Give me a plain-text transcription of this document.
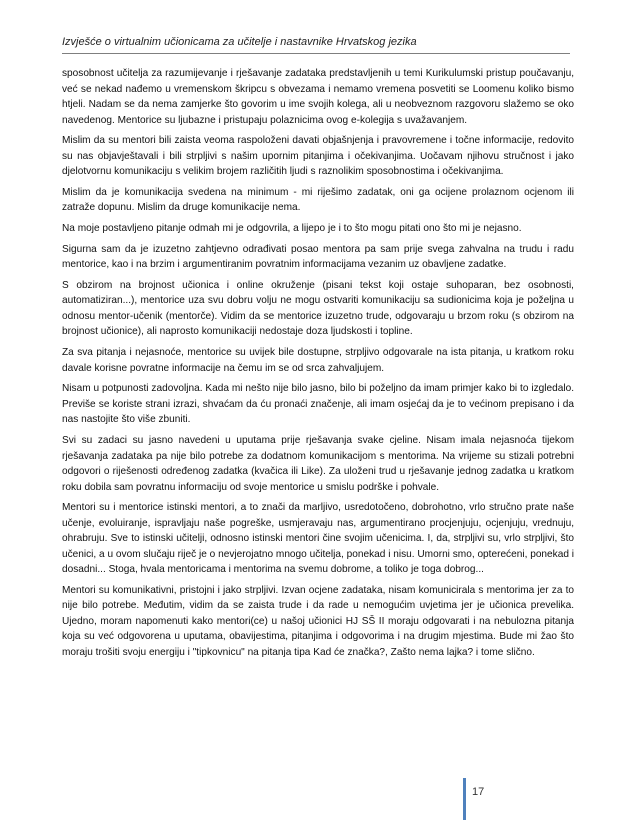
Izvješće o virtualnim učionicama za učitelje i nastavnike Hrvatskog jezika

sposobnost učitelja za razumijevanje i rješavanje zadataka predstavljenih u temi Kurikulumski pristup poučavanju, već se nekad nađemo u vremenskom škripcu s obvezama i nemamo vremena posvetiti se Loomenu koliko bismo htjeli. Nadam se da nema zamjerke što govorim u ime svojih kolega, ali u neobveznom razgovoru slažemo se oko navedenog. Mentorice su ljubazne i pristupaju polaznicima ovog e-kolegija s uvažavanjem.

Mislim da su mentori bili zaista veoma raspoloženi davati objašnjenja i pravovremene i točne informacije, redovito su nas objavještavali i bili strpljivi s našim upornim pitanjima i očekivanjima. Uočavam njihovu stručnost i jako djelotvornu komunikaciju s velikim brojem različitih ljudi s raznolikim sposobnostima i očekivanjima.

Mislim da je komunikacija svedena na minimum - mi riješimo zadatak, oni ga ocijene prolaznom ocjenom ili zatraže dopunu. Mislim da druge komunikacije nema.

Na moje postavljeno pitanje odmah mi je odgovrila, a lijepo je i to što mogu pitati ono što mi je nejasno.

Sigurna sam da je izuzetno zahtjevno odrađivati posao mentora pa sam prije svega zahvalna na trudu i radu mentorice, kao i na brzim i argumentiranim povratnim informacijama vezanim uz obavljene zadatke.

S obzirom na brojnost učionica i online okruženje (pisani tekst koji ostaje suhoparan, bez osobnosti, automatiziran...), mentorice uza svu dobru volju ne mogu ostvariti komunikaciju sa sudionicima koja je poželjna u odnosu mentor-učenik (mentorče). Vidim da se mentorice izuzetno trude, odgovaraju u brzom roku (s obzirom na brojnost učionice), ali naprosto komunikaciji nedostaje doza ljudskosti i topline.

Za sva pitanja i nejasnoće, mentorice su uvijek bile dostupne, strpljivo odgovarale na ista pitanja, u kratkom roku davale korisne povratne informacije na čemu im se od srca zahvaljujem.

Nisam u potpunosti zadovoljna. Kada mi nešto nije bilo jasno, bilo bi poželjno da imam primjer kako bi to izgledalo. Previše se koriste strani izrazi, shvaćam da ću pronaći značenje, ali imam osjećaj da je to većinom prepisano i da nas nastojite što više zbuniti.

Svi su zadaci su jasno navedeni u uputama prije rješavanja svake cjeline. Nisam imala nejasnoća tijekom rješavanja zadataka pa nije bilo potrebe za dodatnom komunikacijom s mentorima. Na vrijeme su stizali potrebni odgovori o riješenosti određenog zadatka (kvačica ili Like). Za uloženi trud u rješavanje jednog zadatka u kratkom roku dobila sam povratnu informaciju od svoje mentorice u smislu podrške i pohvale.

Mentori su i mentorice istinski mentori, a to znači da marljivo, usredotočeno, dobrohotno, vrlo stručno prate naše učenje, evoluiranje, ispravljaju naše pogreške, usmjeravaju nas, argumentirano procjenjuju, ocjenjuju, vrednuju, ohrabruju. Sve to istinski učitelji, odnosno istinski mentori čine svojim učenicima. I, da, strpljivi su, vrlo strpljivi, što učenici, a u ovom slučaju riječ je o nevjerojatno mnogo učitelja, ponekad i nisu. Umorni smo, opterećeni, ponekad i dosadni... Stoga, hvala mentoricama i mentorima na svemu dobrome, a toliko je toga dobrog...

Mentori su komunikativni, pristojni i jako strpljivi. Izvan ocjene zadataka, nisam komunicirala s mentorima jer za to nije bilo potrebe. Međutim, vidim da se zaista trude i da rade u nemogućim uvjetima jer je učionica prevelika. Ujedno, moram napomenuti kako mentori(ce) u našoj učionici HJ SŠ II moraju odgovarati i na nebulozna pitanja koja su već odgovorena u uputama, obavijestima, pitanjima i odgovorima i na drugim mjestima. Bude mi žao što moraju trošiti svoju energiju i "tipkovnicu" na pitanja tipa Kad će značka?, Zašto nema lajka? i tome slično.

17
